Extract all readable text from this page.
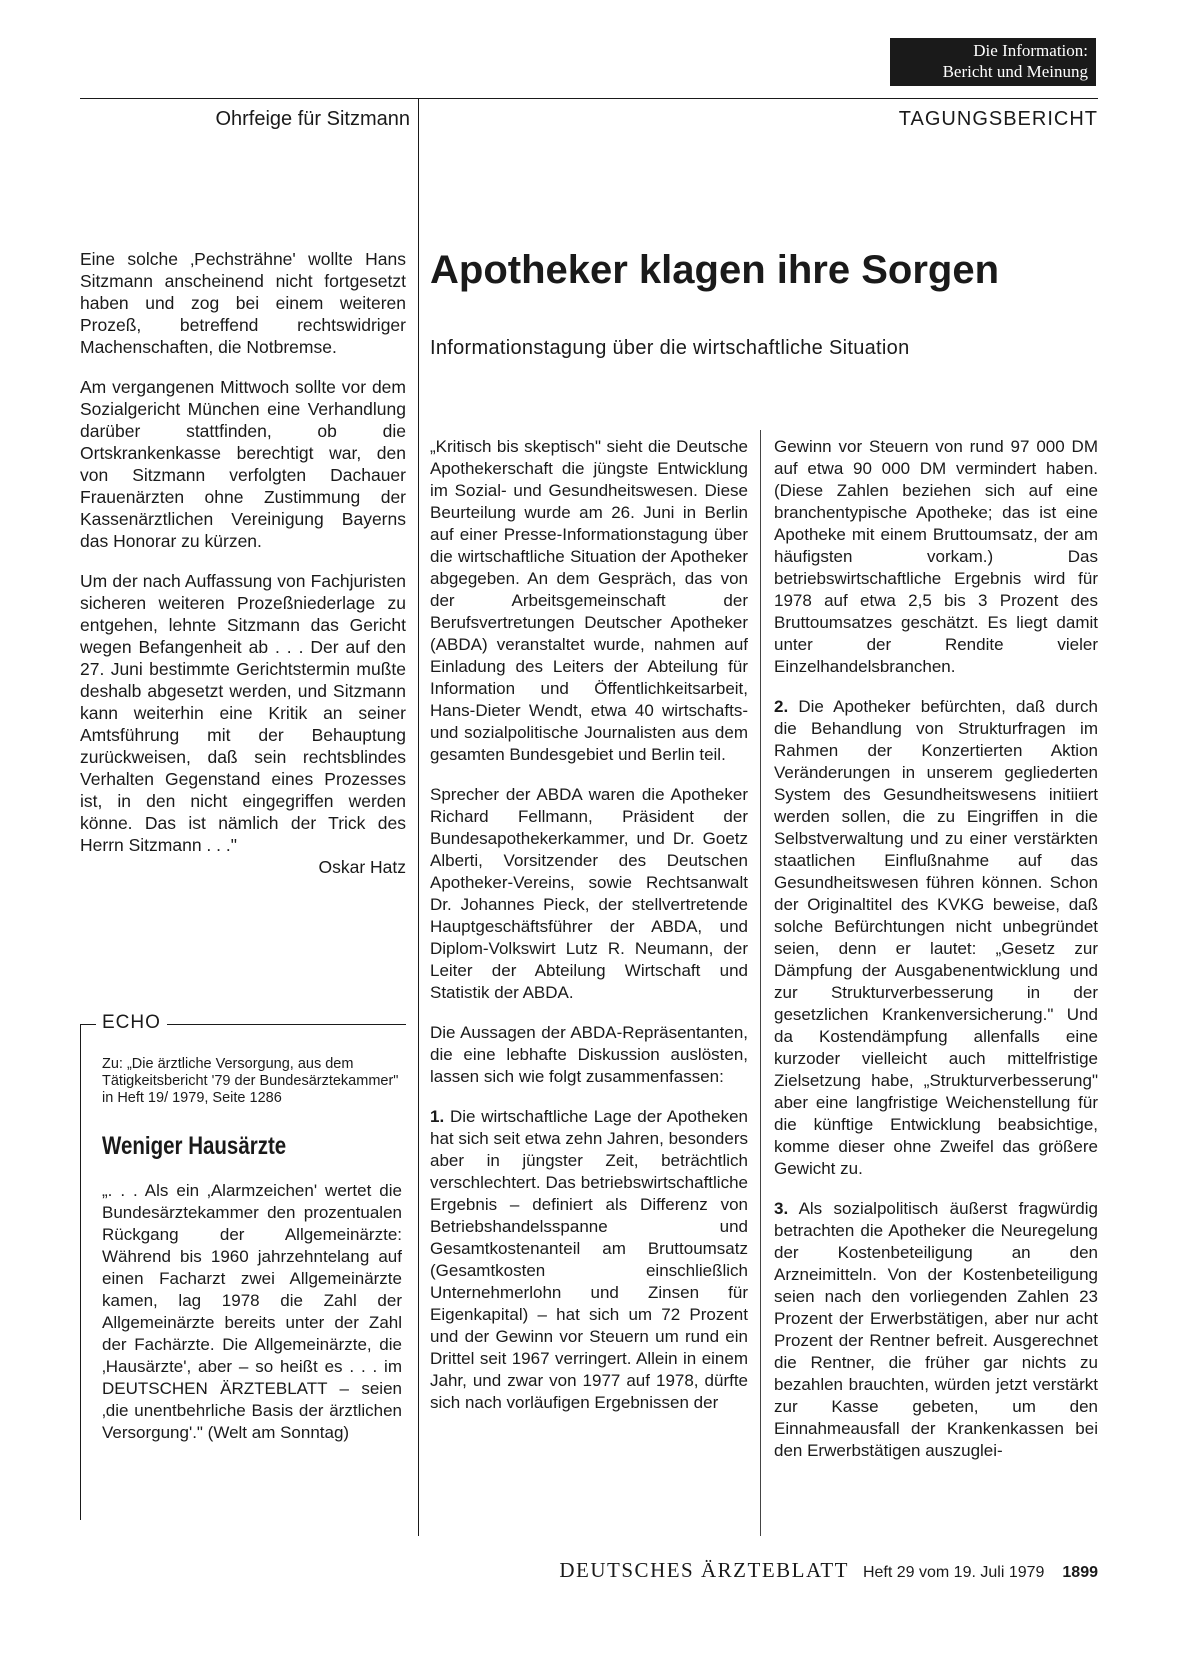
Die Information:
Bericht und Meinung
Ohrfeige für Sitzmann	TAGUNGSBERICHT

Eine solche ‚Pechsträhne' wollte Hans Sitzmann anscheinend nicht fortgesetzt haben und zog bei einem weiteren Prozeß, betreffend rechtswidriger Machenschaften, die Notbremse.

Am vergangenen Mittwoch sollte vor dem Sozialgericht München eine Verhandlung darüber stattfinden, ob die Ortskrankenkasse berechtigt war, den von Sitzmann verfolgten Dachauer Frauenärzten ohne Zustimmung der Kassenärztlichen Vereinigung Bayerns das Honorar zu kürzen.

Um der nach Auffassung von Fachjuristen sicheren weiteren Prozeßniederlage zu entgehen, lehnte Sitzmann das Gericht wegen Befangenheit ab . . . Der auf den 27. Juni bestimmte Gerichtstermin mußte deshalb abgesetzt werden, und Sitzmann kann weiterhin eine Kritik an seiner Amtsführung mit der Behauptung zurückweisen, daß sein rechtsblindes Verhalten Gegenstand eines Prozesses ist, in den nicht eingegriffen werden könne. Das ist nämlich der Trick des Herrn Sitzmann . . ."

Oskar Hatz
ECHO
Zu: „Die ärztliche Versorgung, aus dem Tätigkeitsbericht '79 der Bundesärztekammer" in Heft 19/ 1979, Seite 1286
Weniger Hausärzte
„. . . Als ein ‚Alarmzeichen' wertet die Bundesärztekammer den prozentualen Rückgang der Allgemeinärzte: Während bis 1960 jahrzehntelang auf einen Facharzt zwei Allgemeinärzte kamen, lag 1978 die Zahl der Allgemeinärzte bereits unter der Zahl der Fachärzte. Die Allgemeinärzte, die ‚Hausärzte', aber – so heißt es . . . im DEUTSCHEN ÄRZTEBLATT – seien ‚die unentbehrliche Basis der ärztlichen Versorgung'." (Welt am Sonntag)
Apotheker klagen ihre Sorgen
Informationstagung über die wirtschaftliche Situation

„Kritisch bis skeptisch" sieht die Deutsche Apothekerschaft die jüngste Entwicklung im Sozial- und Gesundheitswesen. Diese Beurteilung wurde am 26. Juni in Berlin auf einer Presse-Informationstagung über die wirtschaftliche Situation der Apotheker abgegeben. An dem Gespräch, das von der Arbeitsgemeinschaft der Berufsvertretungen Deutscher Apotheker (ABDA) veranstaltet wurde, nahmen auf Einladung des Leiters der Abteilung für Information und Öffentlichkeitsarbeit, Hans-Dieter Wendt, etwa 40 wirtschafts- und sozialpolitische Journalisten aus dem gesamten Bundesgebiet und Berlin teil.

Sprecher der ABDA waren die Apotheker Richard Fellmann, Präsident der Bundesapothekerkammer, und Dr. Goetz Alberti, Vorsitzender des Deutschen Apotheker-Vereins, sowie Rechtsanwalt Dr. Johannes Pieck, der stellvertretende Hauptgeschäftsführer der ABDA, und Diplom-Volkswirt Lutz R. Neumann, der Leiter der Abteilung Wirtschaft und Statistik der ABDA.

Die Aussagen der ABDA-Repräsentanten, die eine lebhafte Diskussion auslösten, lassen sich wie folgt zusammenfassen:

1. Die wirtschaftliche Lage der Apotheken hat sich seit etwa zehn Jahren, besonders aber in jüngster Zeit, beträchtlich verschlechtert. Das betriebswirtschaftliche Ergebnis – definiert als Differenz von Betriebshandelsspanne und Gesamtkostenanteil am Bruttoumsatz (Gesamtkosten einschließlich Unternehmerlohn und Zinsen für Eigenkapital) – hat sich um 72 Prozent und der Gewinn vor Steuern um rund ein Drittel seit 1967 verringert. Allein in einem Jahr, und zwar von 1977 auf 1978, dürfte sich nach vorläufigen Ergebnissen der

Gewinn vor Steuern von rund 97 000 DM auf etwa 90 000 DM vermindert haben. (Diese Zahlen beziehen sich auf eine branchentypische Apotheke; das ist eine Apotheke mit einem Bruttoumsatz, der am häufigsten vorkam.) Das betriebswirtschaftliche Ergebnis wird für 1978 auf etwa 2,5 bis 3 Prozent des Bruttoumsatzes geschätzt. Es liegt damit unter der Rendite vieler Einzelhandelsbranchen.

2. Die Apotheker befürchten, daß durch die Behandlung von Strukturfragen im Rahmen der Konzertierten Aktion Veränderungen in unserem gegliederten System des Gesundheitswesens initiiert werden sollen, die zu Eingriffen in die Selbstverwaltung und zu einer verstärkten staatlichen Einflußnahme auf das Gesundheitswesen führen können. Schon der Originaltitel des KVKG beweise, daß solche Befürchtungen nicht unbegründet seien, denn er lautet: „Gesetz zur Dämpfung der Ausgabenentwicklung und zur Strukturverbesserung in der gesetzlichen Krankenversicherung." Und da Kostendämpfung allenfalls eine kurzoder vielleicht auch mittelfristige Zielsetzung habe, „Strukturverbesserung" aber eine langfristige Weichenstellung für die künftige Entwicklung beabsichtige, komme dieser ohne Zweifel das größere Gewicht zu.

3. Als sozialpolitisch äußerst fragwürdig betrachten die Apotheker die Neuregelung der Kostenbeteiligung an den Arzneimitteln. Von der Kostenbeteiligung seien nach den vorliegenden Zahlen 23 Prozent der Erwerbstätigen, aber nur acht Prozent der Rentner befreit. Ausgerechnet die Rentner, die früher gar nichts zu bezahlen brauchten, würden jetzt verstärkt zur Kasse gebeten, um den Einnahmeausfall der Krankenkassen bei den Erwerbstätigen auszuglei-

DEUTSCHES ÄRZTEBLATT Heft 29 vom 19. Juli 1979 1899
